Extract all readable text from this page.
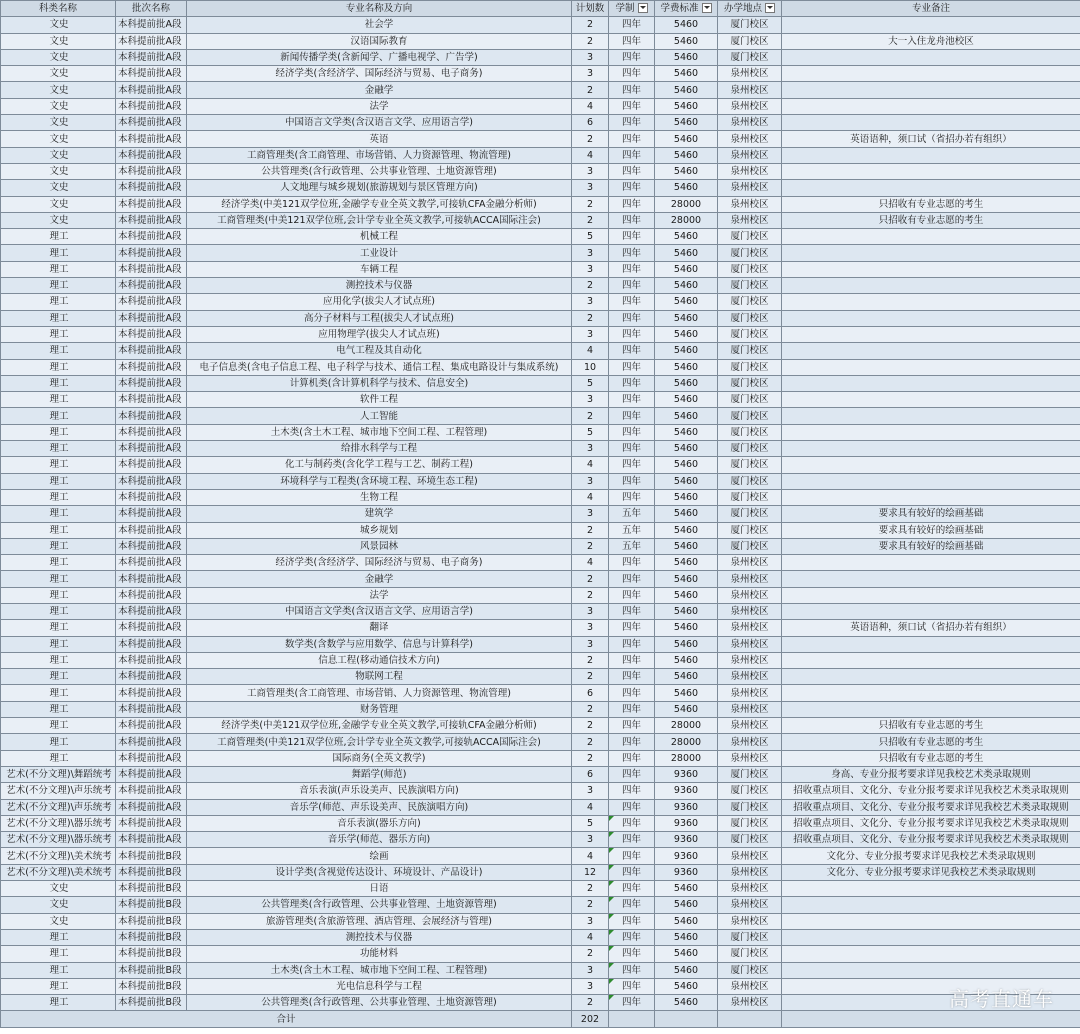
科类名称	批次名称	专业名称及方向	计划数	学制	学费标准	办学地点	专业备注
文史	本科提前批A段	社会学	2	四年	5460	厦门校区	
文史	本科提前批A段	汉语国际教育	2	四年	5460	厦门校区	大一入住龙舟池校区
文史	本科提前批A段	新闻传播学类(含新闻学、广播电视学、广告学)	3	四年	5460	厦门校区	
文史	本科提前批A段	经济学类(含经济学、国际经济与贸易、电子商务)	3	四年	5460	泉州校区	
文史	本科提前批A段	金融学	2	四年	5460	泉州校区	
文史	本科提前批A段	法学	4	四年	5460	泉州校区	
文史	本科提前批A段	中国语言文学类(含汉语言文学、应用语言学)	6	四年	5460	泉州校区	
文史	本科提前批A段	英语	2	四年	5460	泉州校区	英语语种，须口试（省招办若有组织）
文史	本科提前批A段	工商管理类(含工商管理、市场营销、人力资源管理、物流管理)	4	四年	5460	泉州校区	
文史	本科提前批A段	公共管理类(含行政管理、公共事业管理、土地资源管理)	3	四年	5460	泉州校区	
文史	本科提前批A段	人文地理与城乡规划(旅游规划与景区管理方向)	3	四年	5460	泉州校区	
文史	本科提前批A段	经济学类(中美121双学位班,金融学专业全英文教学,可接轨CFA金融分析师)	2	四年	28000	泉州校区	只招收有专业志愿的考生
文史	本科提前批A段	工商管理类(中美121双学位班,会计学专业全英文教学,可接轨ACCA国际注会)	2	四年	28000	泉州校区	只招收有专业志愿的考生
理工	本科提前批A段	机械工程	5	四年	5460	厦门校区	
理工	本科提前批A段	工业设计	3	四年	5460	厦门校区	
理工	本科提前批A段	车辆工程	3	四年	5460	厦门校区	
理工	本科提前批A段	测控技术与仪器	2	四年	5460	厦门校区	
理工	本科提前批A段	应用化学(拔尖人才试点班)	3	四年	5460	厦门校区	
理工	本科提前批A段	高分子材料与工程(拔尖人才试点班)	2	四年	5460	厦门校区	
理工	本科提前批A段	应用物理学(拔尖人才试点班)	3	四年	5460	厦门校区	
理工	本科提前批A段	电气工程及其自动化	4	四年	5460	厦门校区	
理工	本科提前批A段	电子信息类(含电子信息工程、电子科学与技术、通信工程、集成电路设计与集成系统)	10	四年	5460	厦门校区	
理工	本科提前批A段	计算机类(含计算机科学与技术、信息安全)	5	四年	5460	厦门校区	
理工	本科提前批A段	软件工程	3	四年	5460	厦门校区	
理工	本科提前批A段	人工智能	2	四年	5460	厦门校区	
理工	本科提前批A段	土木类(含土木工程、城市地下空间工程、工程管理)	5	四年	5460	厦门校区	
理工	本科提前批A段	给排水科学与工程	3	四年	5460	厦门校区	
理工	本科提前批A段	化工与制药类(含化学工程与工艺、制药工程)	4	四年	5460	厦门校区	
理工	本科提前批A段	环境科学与工程类(含环境工程、环境生态工程)	3	四年	5460	厦门校区	
理工	本科提前批A段	生物工程	4	四年	5460	厦门校区	
理工	本科提前批A段	建筑学	3	五年	5460	厦门校区	要求具有较好的绘画基础
理工	本科提前批A段	城乡规划	2	五年	5460	厦门校区	要求具有较好的绘画基础
理工	本科提前批A段	风景园林	2	五年	5460	厦门校区	要求具有较好的绘画基础
理工	本科提前批A段	经济学类(含经济学、国际经济与贸易、电子商务)	4	四年	5460	泉州校区	
理工	本科提前批A段	金融学	2	四年	5460	泉州校区	
理工	本科提前批A段	法学	2	四年	5460	泉州校区	
理工	本科提前批A段	中国语言文学类(含汉语言文学、应用语言学)	3	四年	5460	泉州校区	
理工	本科提前批A段	翻译	3	四年	5460	泉州校区	英语语种，须口试（省招办若有组织）
理工	本科提前批A段	数学类(含数学与应用数学、信息与计算科学)	3	四年	5460	泉州校区	
理工	本科提前批A段	信息工程(移动通信技术方向)	2	四年	5460	泉州校区	
理工	本科提前批A段	物联网工程	2	四年	5460	泉州校区	
理工	本科提前批A段	工商管理类(含工商管理、市场营销、人力资源管理、物流管理)	6	四年	5460	泉州校区	
理工	本科提前批A段	财务管理	2	四年	5460	泉州校区	
理工	本科提前批A段	经济学类(中美121双学位班,金融学专业全英文教学,可接轨CFA金融分析师)	2	四年	28000	泉州校区	只招收有专业志愿的考生
理工	本科提前批A段	工商管理类(中美121双学位班,会计学专业全英文教学,可接轨ACCA国际注会)	2	四年	28000	泉州校区	只招收有专业志愿的考生
理工	本科提前批A段	国际商务(全英文教学)	2	四年	28000	泉州校区	只招收有专业志愿的考生
艺术(不分文理)\舞蹈统考	本科提前批A段	舞蹈学(师范)	6	四年	9360	厦门校区	身高、专业分报考要求详见我校艺术类录取规则
艺术(不分文理)\声乐统考	本科提前批A段	音乐表演(声乐设美声、民族演唱方向)	3	四年	9360	厦门校区	招收重点项目、文化分、专业分报考要求详见我校艺术类录取规则
艺术(不分文理)\声乐统考	本科提前批A段	音乐学(师范、声乐设美声、民族演唱方向)	4	四年	9360	厦门校区	招收重点项目、文化分、专业分报考要求详见我校艺术类录取规则
艺术(不分文理)\器乐统考	本科提前批A段	音乐表演(器乐方向)	5	四年	9360	厦门校区	招收重点项目、文化分、专业分报考要求详见我校艺术类录取规则
艺术(不分文理)\器乐统考	本科提前批A段	音乐学(师范、器乐方向)	3	四年	9360	厦门校区	招收重点项目、文化分、专业分报考要求详见我校艺术类录取规则
艺术(不分文理)\美术统考	本科提前批B段	绘画	4	四年	9360	泉州校区	文化分、专业分报考要求详见我校艺术类录取规则
艺术(不分文理)\美术统考	本科提前批B段	设计学类(含视觉传达设计、环境设计、产品设计)	12	四年	9360	泉州校区	文化分、专业分报考要求详见我校艺术类录取规则
文史	本科提前批B段	日语	2	四年	5460	泉州校区	
文史	本科提前批B段	公共管理类(含行政管理、公共事业管理、土地资源管理)	2	四年	5460	泉州校区	
文史	本科提前批B段	旅游管理类(含旅游管理、酒店管理、会展经济与管理)	3	四年	5460	泉州校区	
理工	本科提前批B段	测控技术与仪器	4	四年	5460	厦门校区	
理工	本科提前批B段	功能材料	2	四年	5460	厦门校区	
理工	本科提前批B段	土木类(含土木工程、城市地下空间工程、工程管理)	3	四年	5460	厦门校区	
理工	本科提前批B段	光电信息科学与工程	3	四年	5460	泉州校区	
理工	本科提前批B段	公共管理类(含行政管理、公共事业管理、土地资源管理)	2	四年	5460	泉州校区	
合计			202				
高考直通车
